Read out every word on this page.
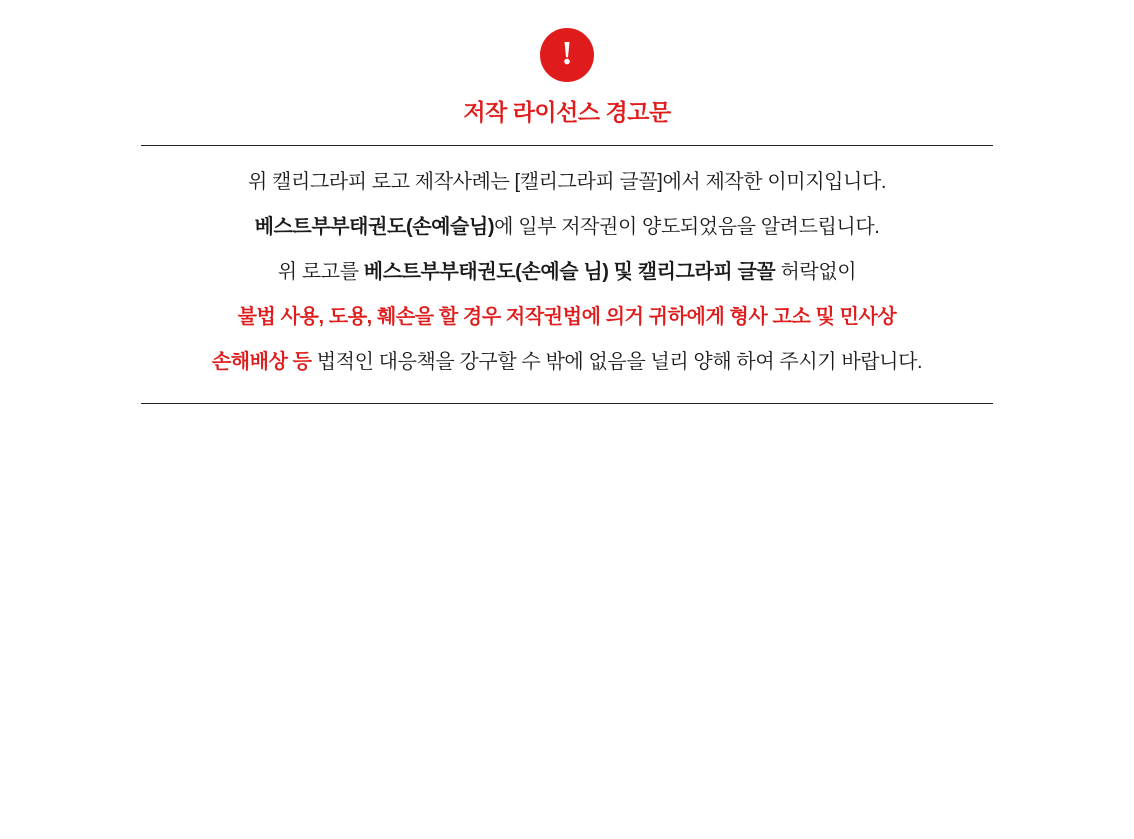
!
저작 라이선스 경고문
위 캘리그라피 로고 제작사례는 [캘리그라피 글꼴]에서 제작한 이미지입니다.
베스트부부태권도(손예슬님)에 일부 저작권이 양도되었음을 알려드립니다.
위 로고를 베스트부부태권도(손예슬 님) 및 캘리그라피 글꼴 허락없이
불법 사용, 도용, 훼손을 할 경우 저작권법에 의거 귀하에게 형사 고소 및 민사상
손해배상 등 법적인 대응책을 강구할 수 밖에 없음을 널리 양해 하여 주시기 바랍니다.
